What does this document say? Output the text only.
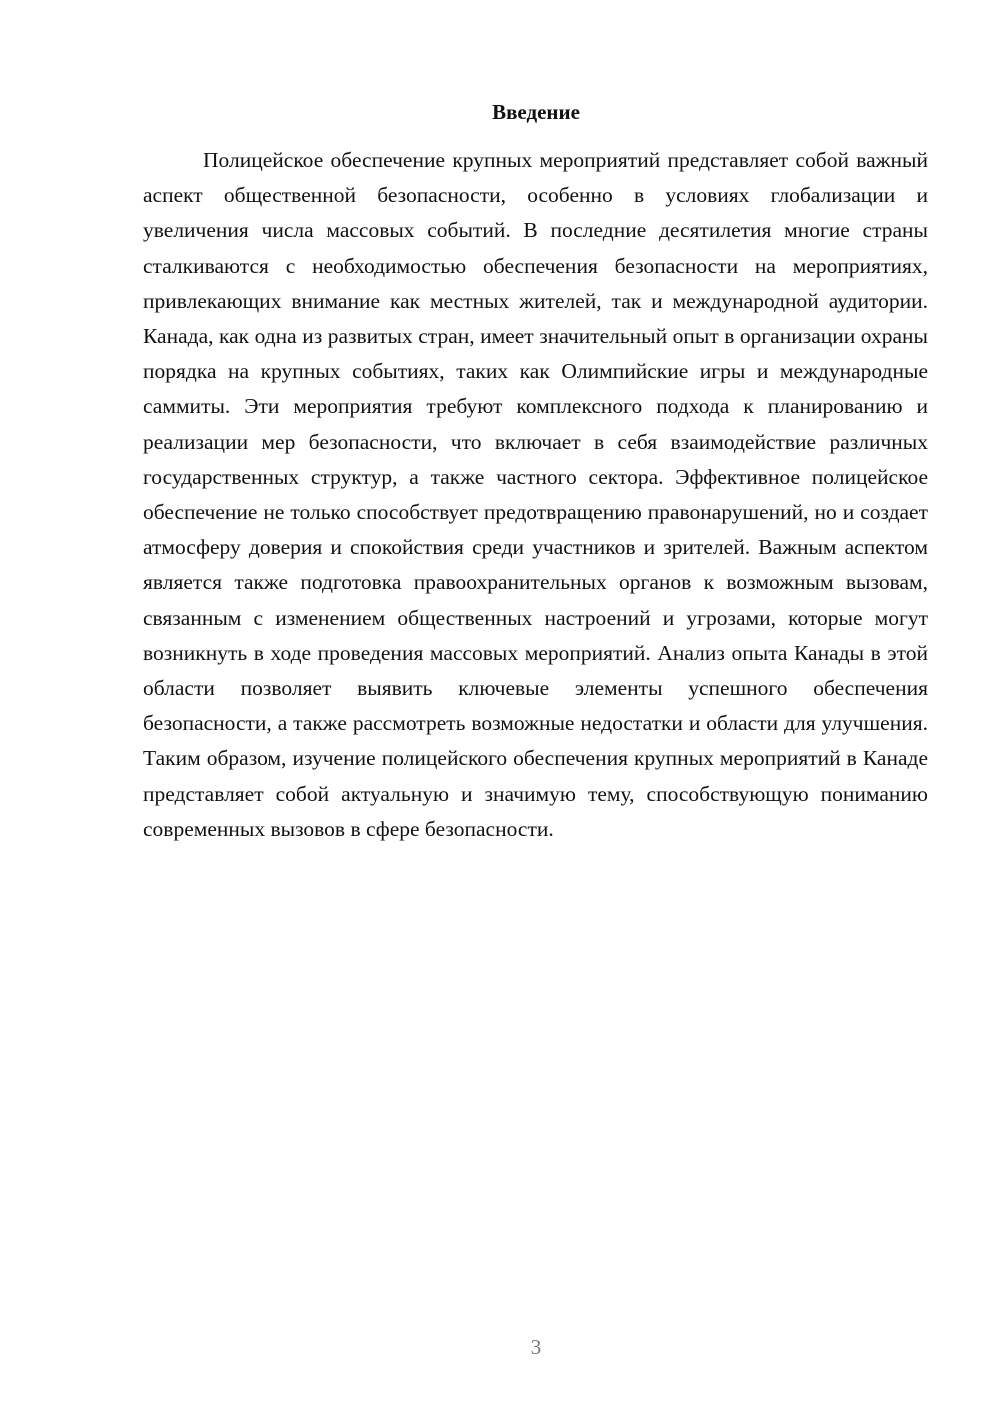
Введение

Полицейское обеспечение крупных мероприятий представляет собой важный аспект общественной безопасности, особенно в условиях глобализации и увеличения числа массовых событий. В последние десятилетия многие страны сталкиваются с необходимостью обеспечения безопасности на мероприятиях, привлекающих внимание как местных жителей, так и международной аудитории. Канада, как одна из развитых стран, имеет значительный опыт в организации охраны порядка на крупных событиях, таких как Олимпийские игры и международные саммиты. Эти мероприятия требуют комплексного подхода к планированию и реализации мер безопасности, что включает в себя взаимодействие различных государственных структур, а также частного сектора. Эффективное полицейское обеспечение не только способствует предотвращению правонарушений, но и создает атмосферу доверия и спокойствия среди участников и зрителей. Важным аспектом является также подготовка правоохранительных органов к возможным вызовам, связанным с изменением общественных настроений и угрозами, которые могут возникнуть в ходе проведения массовых мероприятий. Анализ опыта Канады в этой области позволяет выявить ключевые элементы успешного обеспечения безопасности, а также рассмотреть возможные недостатки и области для улучшения. Таким образом, изучение полицейского обеспечения крупных мероприятий в Канаде представляет собой актуальную и значимую тему, способствующую пониманию современных вызовов в сфере безопасности.

3
